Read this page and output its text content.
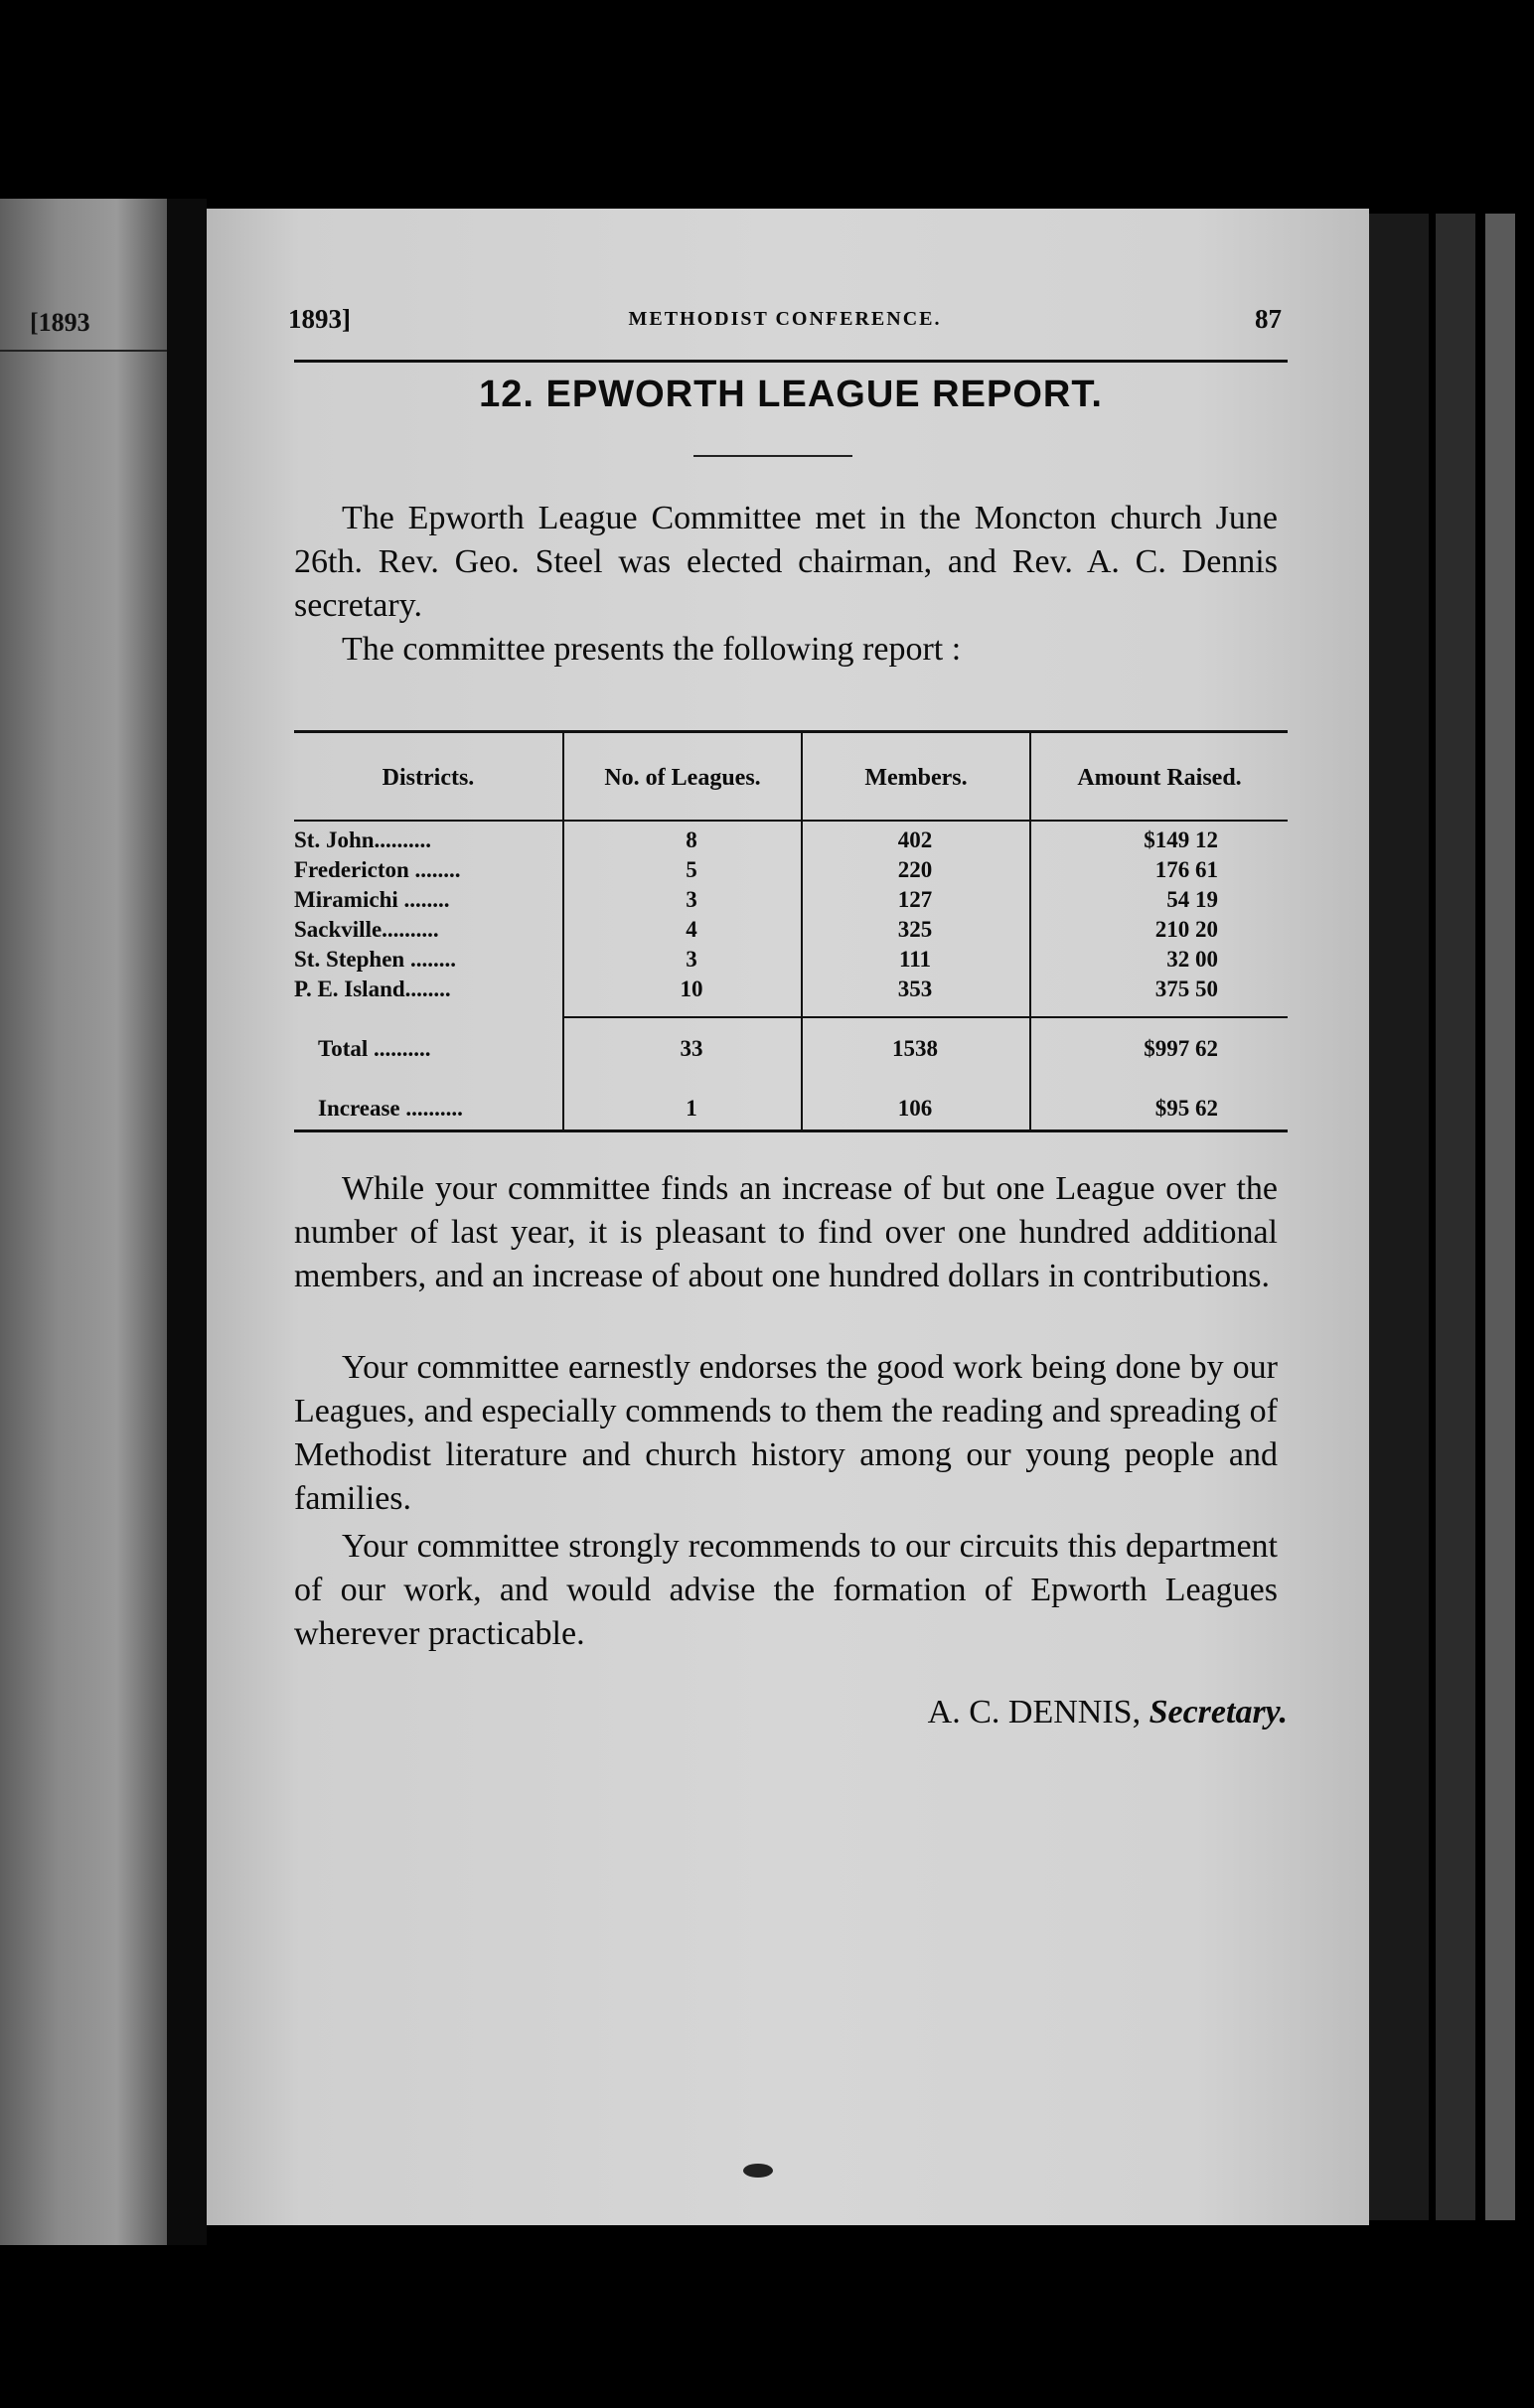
[1893	1893]	METHODIST CONFERENCE.	87
12. EPWORTH LEAGUE REPORT.
The Epworth League Committee met in the Moncton church June 26th. Rev. Geo. Steel was elected chairman, and Rev. A. C. Dennis secretary.
The committee presents the following report :
Districts.	No. of Leagues.	Members.	Amount Raised.
St. John..........	8	402	$149 12
Fredericton ........	5	220	176 61
Miramichi ........	3	127	54 19
Sackville..........	4	325	210 20
St. Stephen ........	3	111	32 00
P. E. Island........	10	353	375 50
Total ..........	33	1538	$997 62
Increase ..........	1	106	$95 62
While your committee finds an increase of but one League over the number of last year, it is pleasant to find over one hundred additional members, and an increase of about one hundred dollars in contributions.
Your committee earnestly endorses the good work being done by our Leagues, and especially commends to them the reading and spreading of Methodist literature and church history among our young people and families.
Your committee strongly recommends to our circuits this department of our work, and would advise the formation of Epworth Leagues wherever practicable.
A. C. DENNIS, Secretary.
